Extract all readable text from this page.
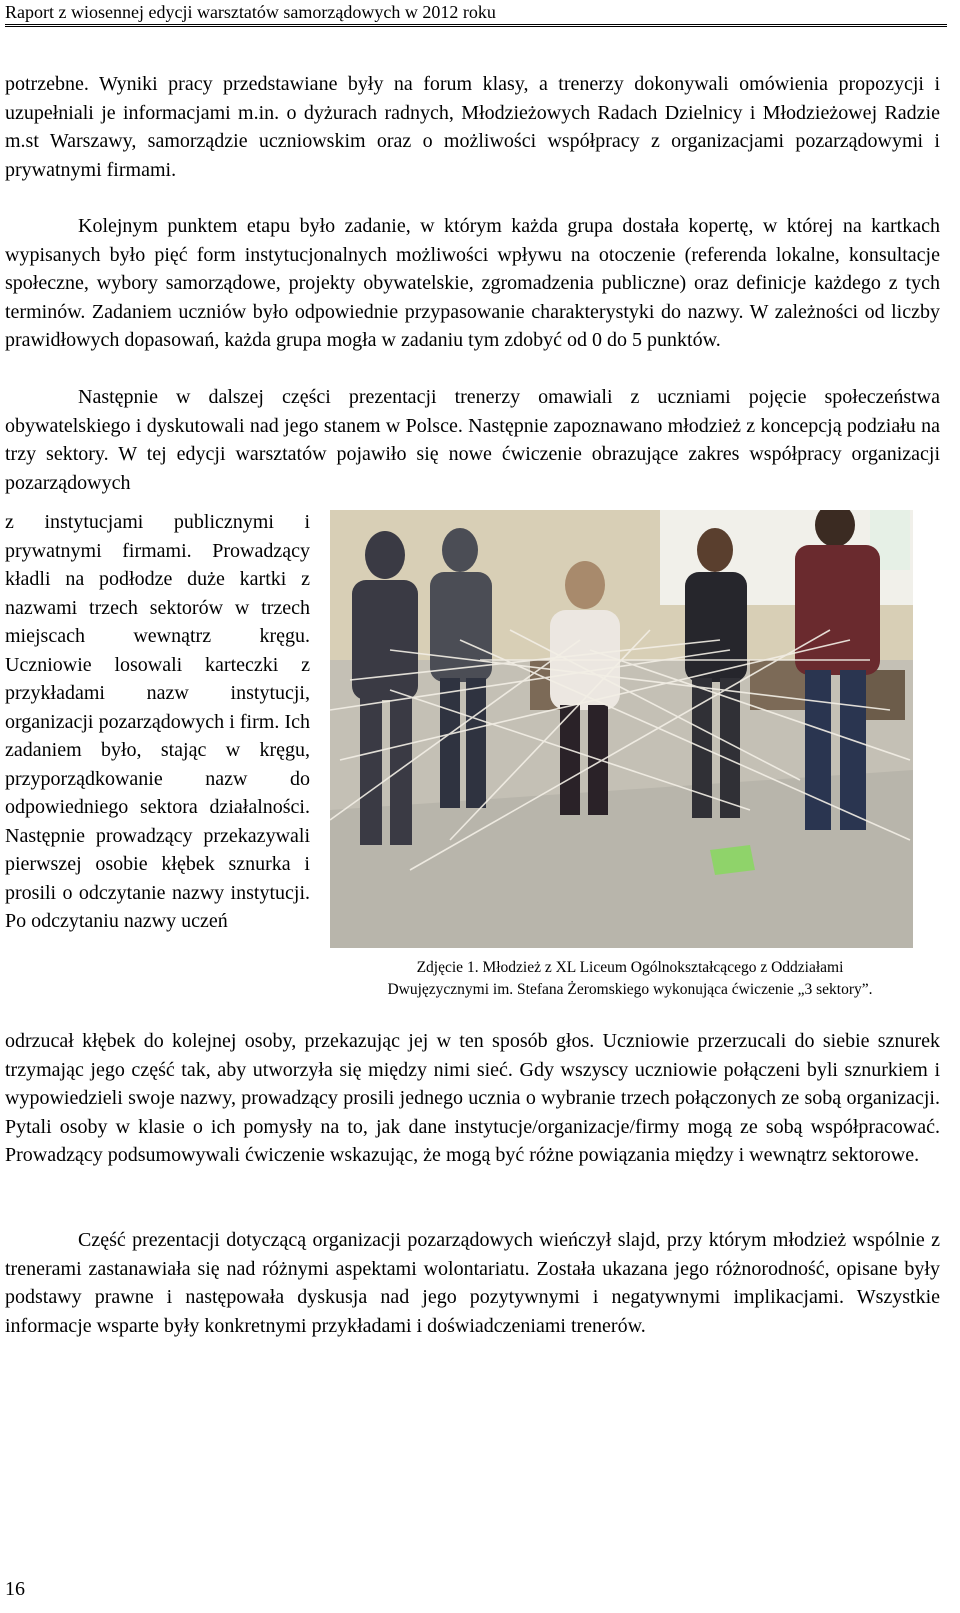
Raport z wiosennej edycji warsztatów samorządowych w 2012 roku

potrzebne. Wyniki pracy przedstawiane były na forum klasy, a trenerzy dokonywali omówienia propozycji i uzupełniali je informacjami m.in. o dyżurach radnych, Młodzieżowych Radach Dzielnicy i Młodzieżowej Radzie m.st Warszawy, samorządzie uczniowskim oraz o możliwości współpracy z organizacjami pozarządowymi i prywatnymi firmami.

Kolejnym punktem etapu było zadanie, w którym każda grupa dostała kopertę, w której na kartkach wypisanych było pięć form instytucjonalnych możliwości wpływu na otoczenie (referenda lokalne, konsultacje społeczne, wybory samorządowe, projekty obywatelskie, zgromadzenia publiczne) oraz definicje każdego z tych terminów. Zadaniem uczniów było odpowiednie przypasowanie charakterystyki do nazwy. W zależności od liczby prawidłowych dopasowań, każda grupa mogła w zadaniu tym zdobyć od 0 do 5 punktów.

Następnie w dalszej części prezentacji trenerzy omawiali z uczniami pojęcie społeczeństwa obywatelskiego i dyskutowali nad jego stanem w Polsce. Następnie zapoznawano młodzież z koncepcją podziału na trzy sektory. W tej edycji warsztatów pojawiło się nowe ćwiczenie obrazujące zakres współpracy organizacji pozarządowych

z instytucjami publicznymi i prywatnymi firmami. Prowadzący kładli na podłodze duże kartki z nazwami trzech sektorów w trzech miejscach wewnątrz kręgu. Uczniowie losowali karteczki z przykładami nazw instytucji, organizacji pozarządowych i firm. Ich zadaniem było, stając w kręgu, przyporządkowanie nazw do odpowiedniego sektora działalności. Następnie prowadzący przekazywali pierwszej osobie kłębek sznurka i prosili o odczytanie nazwy instytucji. Po odczytaniu nazwy uczeń

Zdjęcie 1. Młodzież z XL Liceum Ogólnokształcącego z Oddziałami
Dwujęzycznymi im. Stefana Żeromskiego wykonująca ćwiczenie „3 sektory”.

odrzucał kłębek do kolejnej osoby, przekazując jej w ten sposób głos. Uczniowie przerzucali do siebie sznurek trzymając jego część tak, aby utworzyła się między nimi sieć. Gdy wszyscy uczniowie połączeni byli sznurkiem i wypowiedzieli swoje nazwy, prowadzący prosili jednego ucznia o wybranie trzech połączonych ze sobą organizacji. Pytali osoby w klasie o ich pomysły na to, jak dane instytucje/organizacje/firmy mogą ze sobą współpracować. Prowadzący podsumowywali ćwiczenie wskazując, że mogą być różne powiązania między i wewnątrz sektorowe.

Część prezentacji dotyczącą organizacji pozarządowych wieńczył slajd, przy którym młodzież wspólnie z trenerami zastanawiała się nad różnymi aspektami wolontariatu. Została ukazana jego różnorodność, opisane były podstawy prawne i następowała dyskusja nad jego pozytywnymi i negatywnymi implikacjami. Wszystkie informacje wsparte były konkretnymi przykładami i doświadczeniami trenerów.

16
